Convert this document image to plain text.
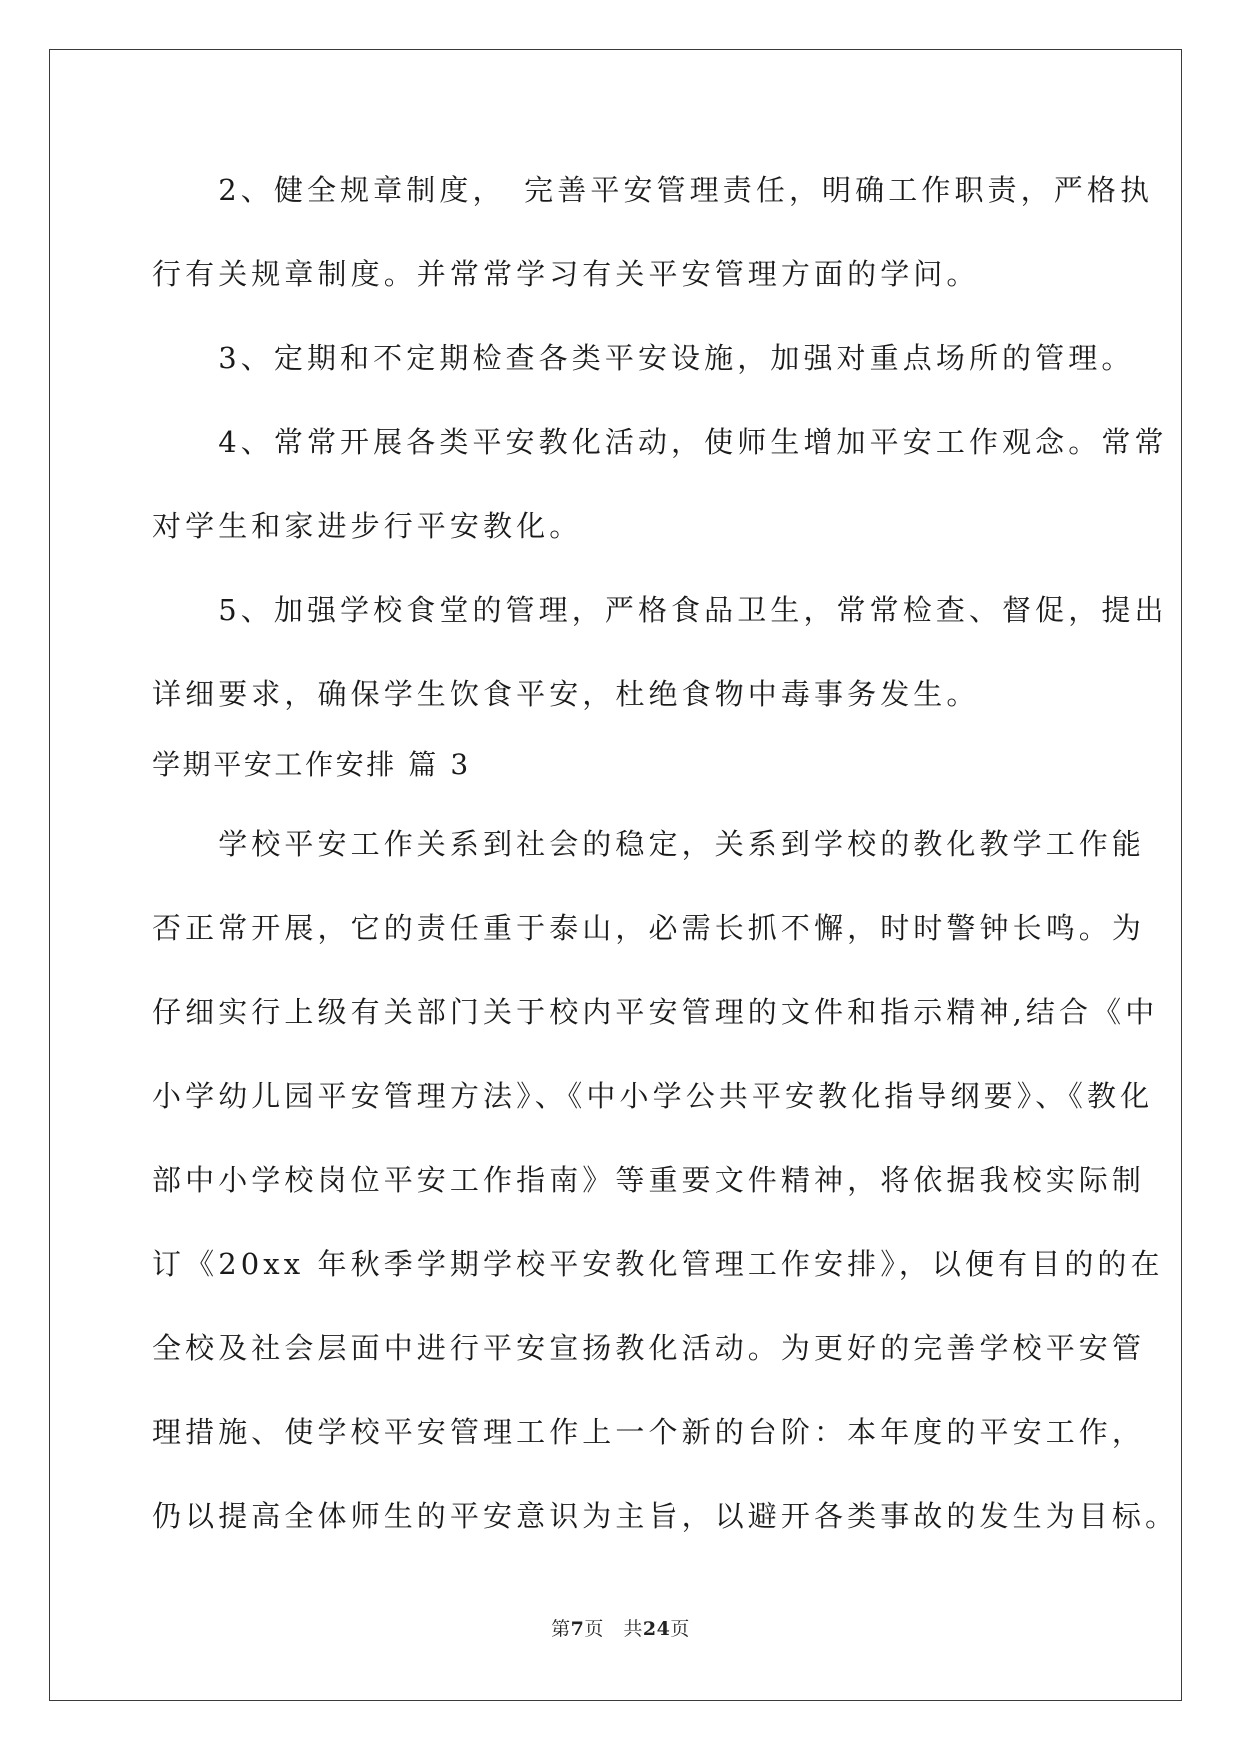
　　2、健全规章制度，　完善平安管理责任，明确工作职责，严格执
行有关规章制度。并常常学习有关平安管理方面的学问。
　　3、定期和不定期检查各类平安设施，加强对重点场所的管理。
　　4、常常开展各类平安教化活动，使师生增加平安工作观念。常常
对学生和家进步行平安教化。
　　5、加强学校食堂的管理，严格食品卫生，常常检查、督促，提出
详细要求，确保学生饮食平安，杜绝食物中毒事务发生。
学期平安工作安排 篇 3
　　学校平安工作关系到社会的稳定，关系到学校的教化教学工作能
否正常开展，它的责任重于泰山，必需长抓不懈，时时警钟长鸣。为
仔细实行上级有关部门关于校内平安管理的文件和指示精神,结合《中
小学幼儿园平安管理方法》、《中小学公共平安教化指导纲要》、《教化
部中小学校岗位平安工作指南》等重要文件精神，将依据我校实际制
订《20xx 年秋季学期学校平安教化管理工作安排》，以便有目的的在
全校及社会层面中进行平安宣扬教化活动。为更好的完善学校平安管
理措施、使学校平安管理工作上一个新的台阶：本年度的平安工作，
仍以提高全体师生的平安意识为主旨，以避开各类事故的发生为目标。
第7页　共24页
